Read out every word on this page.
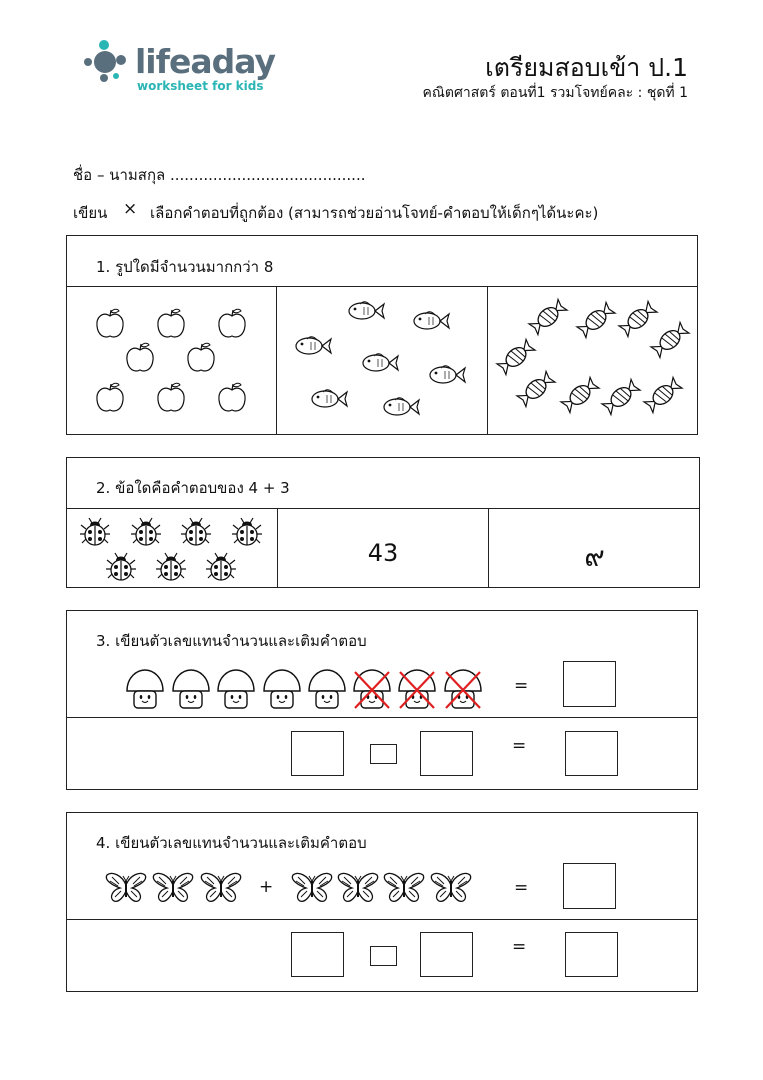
lifeaday
worksheet for kids
เตรียมสอบเข้า ป.1
คณิตศาสตร์ ตอนที่1 รวมโจทย์คละ : ชุดที่ 1
ชื่อ – นามสกุล .........................................
เขียน × เลือกคำตอบที่ถูกต้อง (สามารถช่วยอ่านโจทย์-คำตอบให้เด็กๆได้นะคะ)
1. รูปใดมีจำนวนมากกว่า 8
2. ข้อใดคือคำตอบของ 4 + 3
43	๙
3. เขียนตัวเลขแทนจำนวนและเติมคำตอบ
=
=
4. เขียนตัวเลขแทนจำนวนและเติมคำตอบ
+	=
=
